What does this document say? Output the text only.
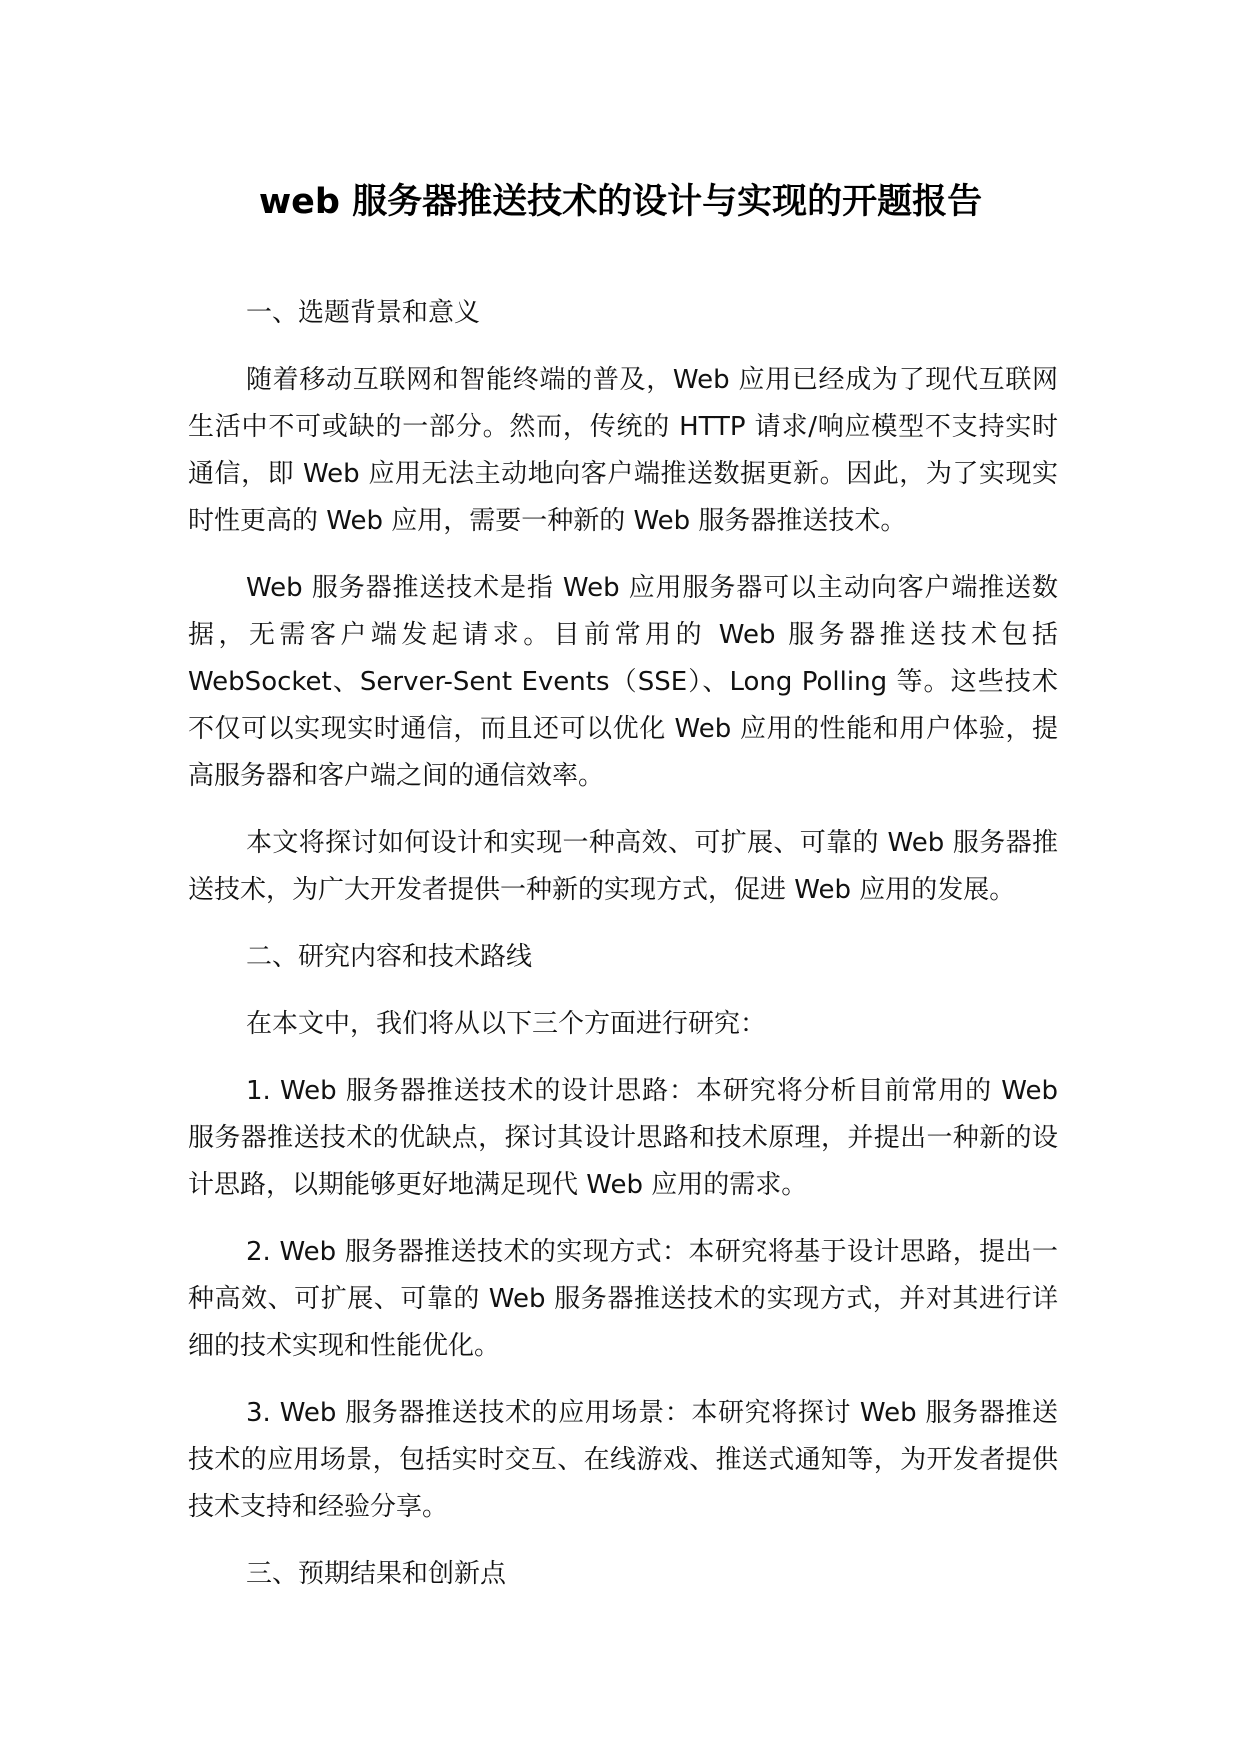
web 服务器推送技术的设计与实现的开题报告

一、选题背景和意义

随着移动互联网和智能终端的普及，Web 应用已经成为了现代互联网生活中不可或缺的一部分。然而，传统的 HTTP 请求/响应模型不支持实时通信，即 Web 应用无法主动地向客户端推送数据更新。因此，为了实现实时性更高的 Web 应用，需要一种新的 Web 服务器推送技术。

Web 服务器推送技术是指 Web 应用服务器可以主动向客户端推送数据，无需客户端发起请求。目前常用的 Web 服务器推送技术包括 WebSocket、Server-Sent Events（SSE）、Long Polling 等。这些技术不仅可以实现实时通信，而且还可以优化 Web 应用的性能和用户体验，提高服务器和客户端之间的通信效率。

本文将探讨如何设计和实现一种高效、可扩展、可靠的 Web 服务器推送技术，为广大开发者提供一种新的实现方式，促进 Web 应用的发展。

二、研究内容和技术路线

在本文中，我们将从以下三个方面进行研究：

1. Web 服务器推送技术的设计思路：本研究将分析目前常用的 Web 服务器推送技术的优缺点，探讨其设计思路和技术原理，并提出一种新的设计思路，以期能够更好地满足现代 Web 应用的需求。

2. Web 服务器推送技术的实现方式：本研究将基于设计思路，提出一种高效、可扩展、可靠的 Web 服务器推送技术的实现方式，并对其进行详细的技术实现和性能优化。

3. Web 服务器推送技术的应用场景：本研究将探讨 Web 服务器推送技术的应用场景，包括实时交互、在线游戏、推送式通知等，为开发者提供技术支持和经验分享。

三、预期结果和创新点
